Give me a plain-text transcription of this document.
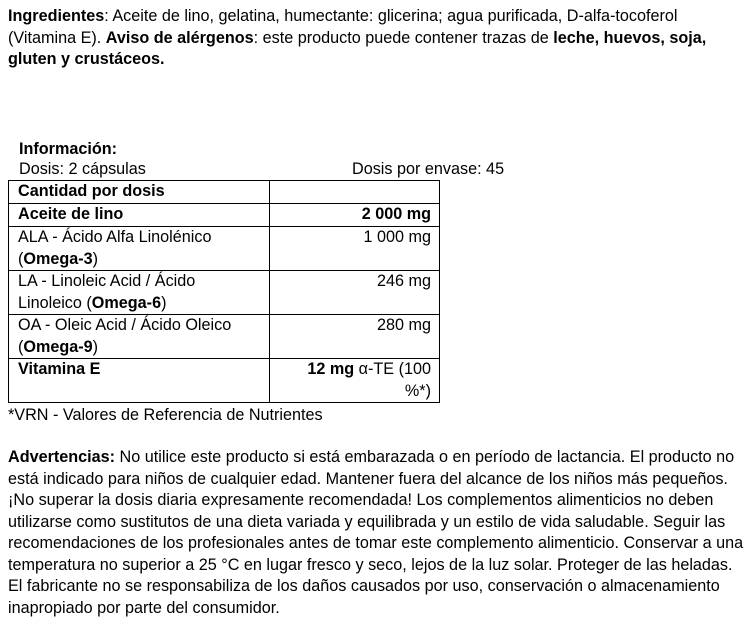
Ingredientes: Aceite de lino, gelatina, humectante: glicerina; agua purificada, D-alfa-tocoferol (Vitamina E). Aviso de alérgenos: este producto puede contener trazas de leche, huevos, soja, gluten y crustáceos.
Información:
Dosis: 2 cápsulas	Dosis por envase: 45
Cantidad por dosis	
Aceite de lino	2 000 mg
ALA - Ácido Alfa Linolénico (Omega-3)	1 000 mg
LA - Linoleic Acid / Ácido Linoleico (Omega-6)	246 mg
OA - Oleic Acid / Ácido Oleico (Omega-9)	280 mg
Vitamina E	12 mg α-TE (100 %*)
*VRN - Valores de Referencia de Nutrientes
Advertencias: No utilice este producto si está embarazada o en período de lactancia. El producto no está indicado para niños de cualquier edad. Mantener fuera del alcance de los niños más pequeños. ¡No superar la dosis diaria expresamente recomendada! Los complementos alimenticios no deben utilizarse como sustitutos de una dieta variada y equilibrada y un estilo de vida saludable. Seguir las recomendaciones de los profesionales antes de tomar este complemento alimenticio. Conservar a una temperatura no superior a 25 °C en lugar fresco y seco, lejos de la luz solar. Proteger de las heladas. El fabricante no se responsabiliza de los daños causados por uso, conservación o almacenamiento inapropiado por parte del consumidor.
